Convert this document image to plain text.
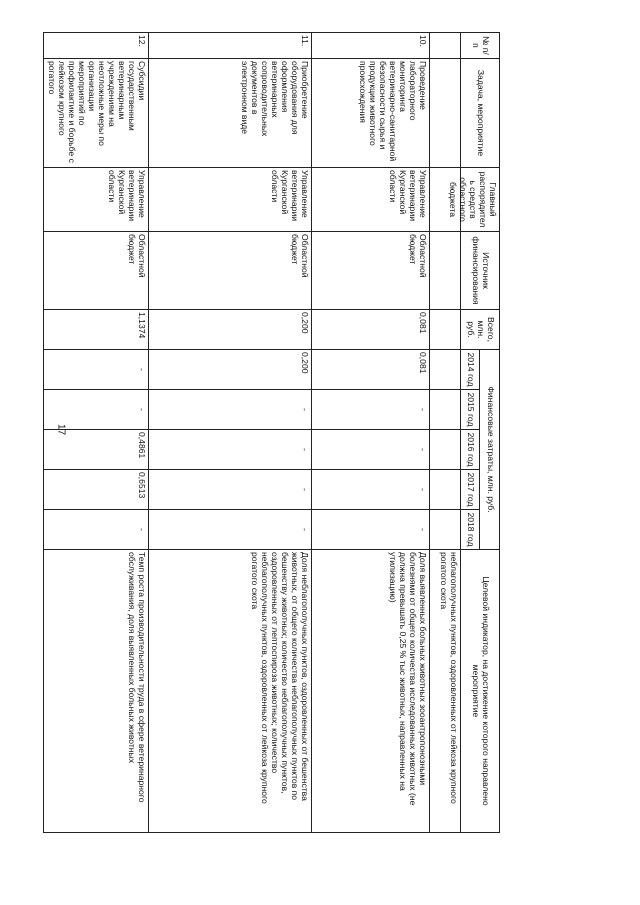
17
№ п/п	Задача, мероприятие	Главный распорядитель средств областного бюджета	Источник финансирования	Всего, млн. руб.	Финансовые затраты, млн. руб.					Целевой индикатор, на достижение которого направлено мероприятие

					2014 год	2015 год	2016 год	2017 год	2018 год	
										неблагополучных пунктов, оздоровленных от лейкоза крупного рогатого скота
10.	Проведение лабораторного мониторинга ветеринарно-санитарной безопасности сырья и продукции животного происхождения	Управление ветеринарии Курганской области	Областной бюджет	0,081	0,081	-	-	-	-	Доля выявленных больных животных зооантропонозными болезнями от общего количества исследованных животных (не должна превышать 0,25 % тыс животных, направленных на утилизацию)
11.	Приобретение оборудования для оформления ветеринарных сопроводительных документов в электронном виде	Управление ветеринарии Курганской области	Областной бюджет	0,200	0,200	-	-	-	-	Доля неблагополучных пунктов, оздоровленных от бешенства животных, от общего количества неблагополучных пунктов по бешенству животных; количество неблагополучных пунктов, оздоровленных от лептоспироза животных; количество неблагополучных пунктов, оздоровленных от лейкоза крупного рогатого скота
12.	Субсидии государственным ветеринарным учреждениям на неотложные меры по организации мероприятий по профилактике и борьбе с лейкозом крупного рогатого	Управление ветеринарии Курганской области	Областной бюджет	1,1374	-	-	0,4861	0,6513	-	Темп роста производительности труда в сфере ветеринарного обслуживания, доля выявленных больных животных
